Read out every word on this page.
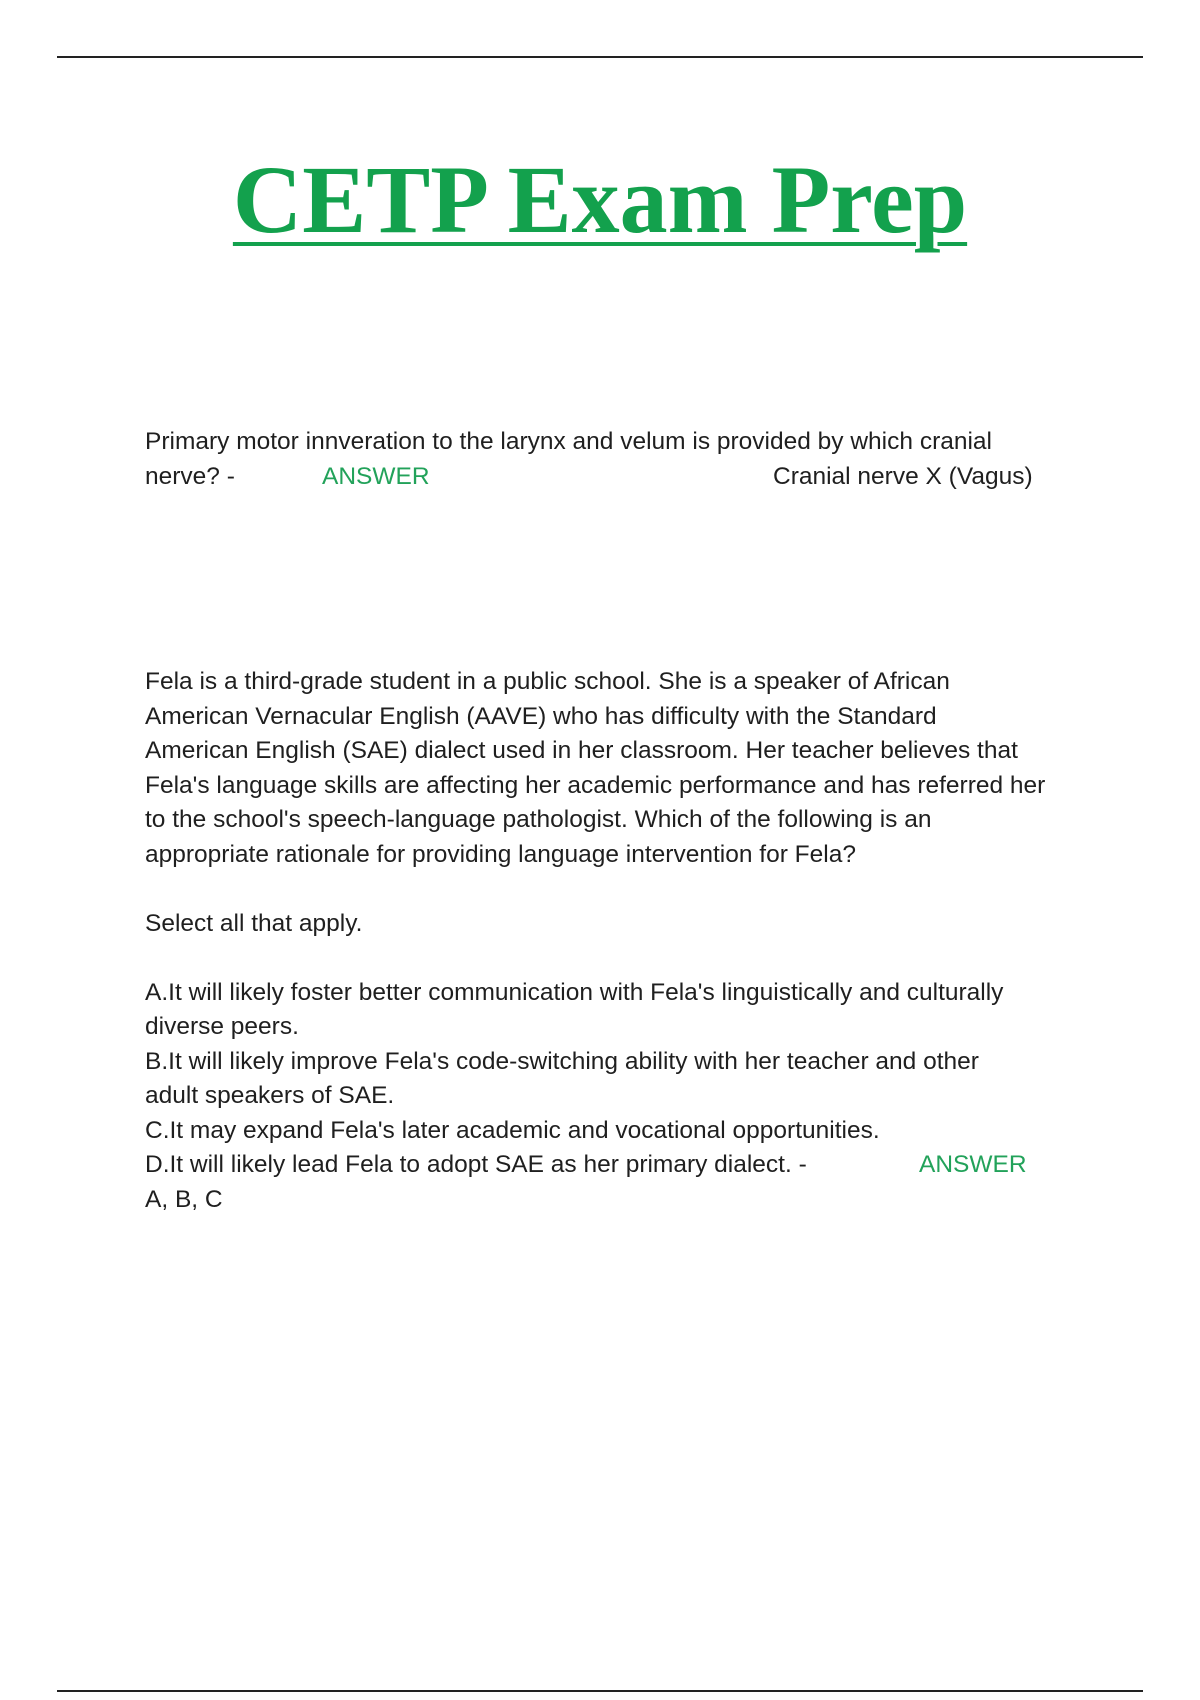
CETP Exam Prep
Primary motor innveration to the larynx and velum is provided by which cranial
nerve? -	ANSWER	Cranial nerve X (Vagus)
Fela is a third-grade student in a public school. She is a speaker of African
American Vernacular English (AAVE) who has difficulty with the Standard
American English (SAE) dialect used in her classroom. Her teacher believes that
Fela's language skills are affecting her academic performance and has referred her
to the school's speech-language pathologist. Which of the following is an
appropriate rationale for providing language intervention for Fela?
Select all that apply.
A.It will likely foster better communication with Fela's linguistically and culturally
diverse peers.
B.It will likely improve Fela's code-switching ability with her teacher and other
adult speakers of SAE.
C.It may expand Fela's later academic and vocational opportunities.
D.It will likely lead Fela to adopt SAE as her primary dialect. -	ANSWER
A, B, C
